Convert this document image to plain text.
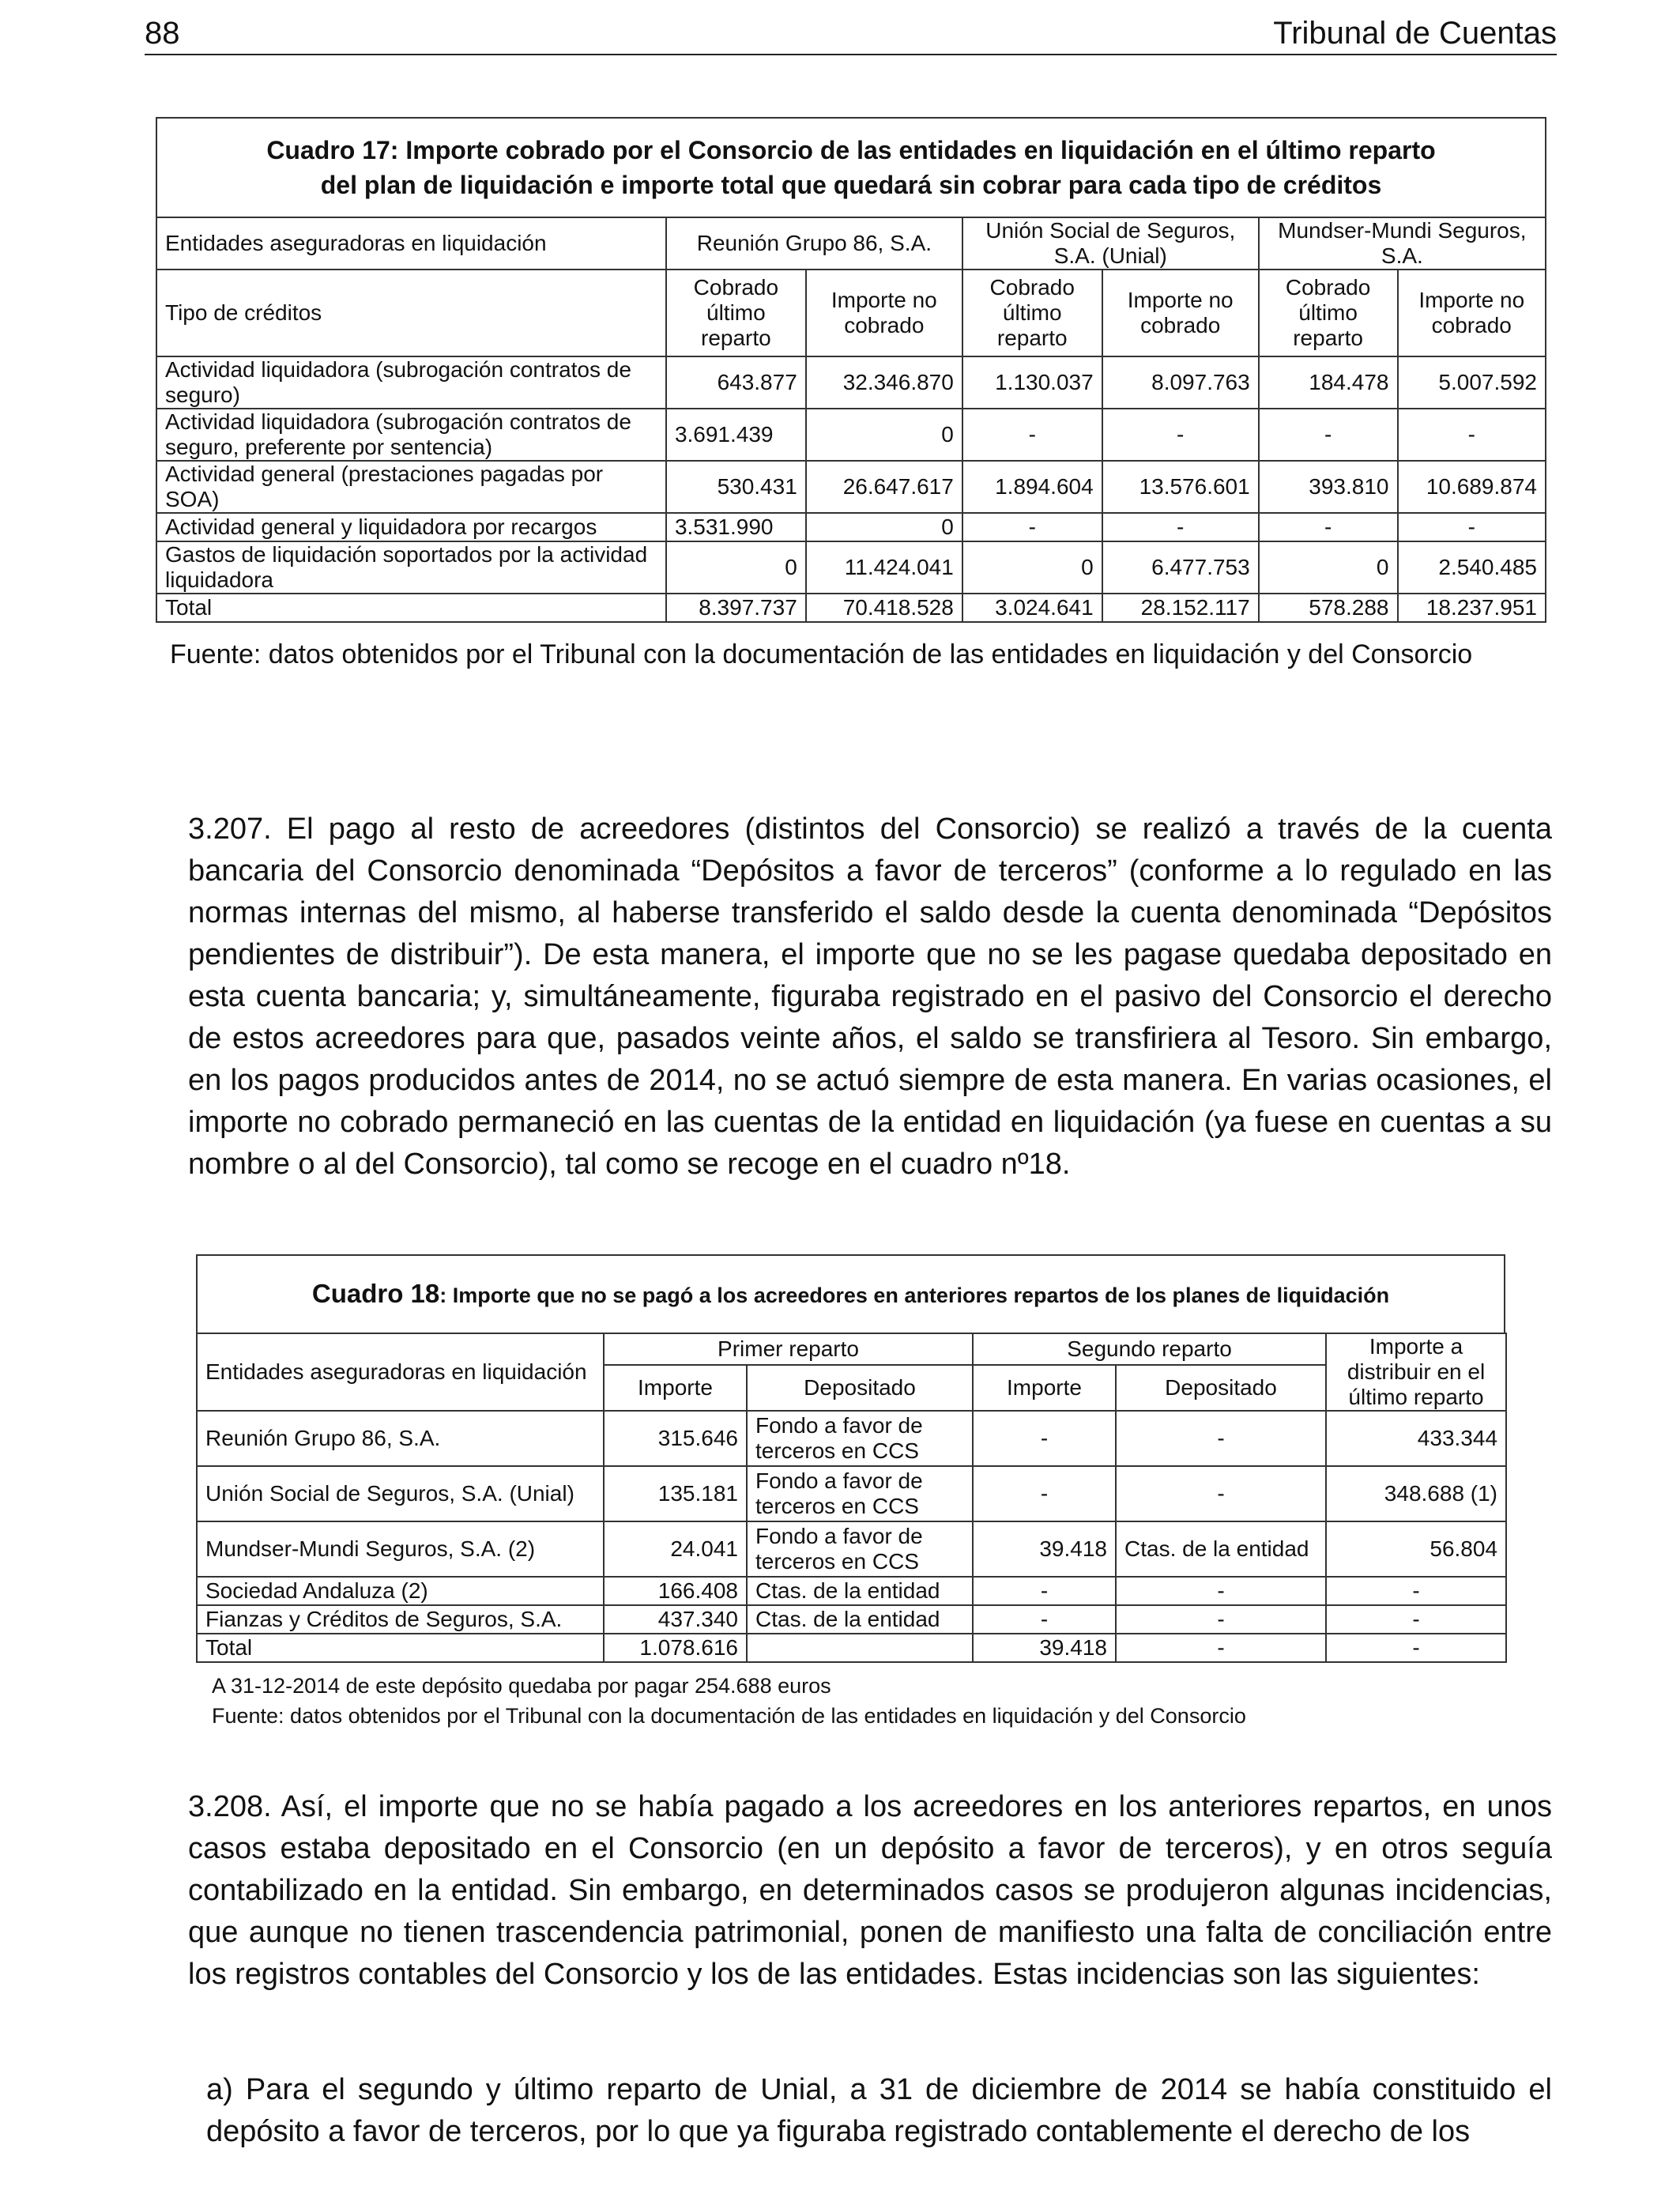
88	Tribunal de Cuentas
Cuadro 17: Importe cobrado por el Consorcio de las entidades en liquidación en el último reparto
del plan de liquidación e importe total que quedará sin cobrar para cada tipo de créditos
Entidades aseguradoras en liquidación	Reunión Grupo 86, S.A.		Unión Social de Seguros, S.A. (Unial)		Mundser-Mundi Seguros, S.A.	
Tipo de créditos	Cobrado último reparto	Importe no cobrado	Cobrado último reparto	Importe no cobrado	Cobrado último reparto	Importe no cobrado
Actividad liquidadora (subrogación contratos de seguro)	643.877	32.346.870	1.130.037	8.097.763	184.478	5.007.592
Actividad liquidadora (subrogación contratos de seguro, preferente por sentencia)	3.691.439	0	-	-	-	-
Actividad general (prestaciones pagadas por SOA)	530.431	26.647.617	1.894.604	13.576.601	393.810	10.689.874
Actividad general y liquidadora por recargos	3.531.990	0	-	-	-	-
Gastos de liquidación soportados por la actividad liquidadora	0	11.424.041	0	6.477.753	0	2.540.485
Total	8.397.737	70.418.528	3.024.641	28.152.117	578.288	18.237.951
Fuente: datos obtenidos por el Tribunal con la documentación de las entidades en liquidación y del Consorcio

3.207. El pago al resto de acreedores (distintos del Consorcio) se realizó a través de la cuenta bancaria del Consorcio denominada “Depósitos a favor de terceros” (conforme a lo regulado en las normas internas del mismo, al haberse transferido el saldo desde la cuenta denominada “Depósitos pendientes de distribuir”). De esta manera, el importe que no se les pagase quedaba depositado en esta cuenta bancaria; y, simultáneamente, figuraba registrado en el pasivo del Consorcio el derecho de estos acreedores para que, pasados veinte años, el saldo se transfiriera al Tesoro. Sin embargo, en los pagos producidos antes de 2014, no se actuó siempre de esta manera. En varias ocasiones, el importe no cobrado permaneció en las cuentas de la entidad en liquidación (ya fuese en cuentas a su nombre o al del Consorcio), tal como se recoge en el cuadro nº18.

Cuadro 18: Importe que no se pagó a los acreedores en anteriores repartos de los planes de liquidación
Entidades aseguradoras en liquidación	Primer reparto		Segundo reparto		Importe a distribuir en el último reparto
	Importe	Depositado	Importe	Depositado	
Reunión Grupo 86, S.A.	315.646	Fondo a favor de terceros en CCS	-	-	433.344
Unión Social de Seguros, S.A. (Unial)	135.181	Fondo a favor de terceros en CCS	-	-	348.688 (1)
Mundser-Mundi Seguros, S.A. (2)	24.041	Fondo a favor de terceros en CCS	39.418	Ctas. de la entidad	56.804
Sociedad Andaluza (2)	166.408	Ctas. de la entidad	-	-	-
Fianzas y Créditos de Seguros, S.A.	437.340	Ctas. de la entidad	-	-	-
Total	1.078.616		39.418	-	-
A 31-12-2014 de este depósito quedaba por pagar 254.688 euros
Fuente: datos obtenidos por el Tribunal con la documentación de las entidades en liquidación y del Consorcio

3.208. Así, el importe que no se había pagado a los acreedores en los anteriores repartos, en unos casos estaba depositado en el Consorcio (en un depósito a favor de terceros), y en otros seguía contabilizado en la entidad. Sin embargo, en determinados casos se produjeron algunas incidencias, que aunque no tienen trascendencia patrimonial, ponen de manifiesto una falta de conciliación entre los registros contables del Consorcio y los de las entidades. Estas incidencias son las siguientes:

a) Para el segundo y último reparto de Unial, a 31 de diciembre de 2014 se había constituido el depósito a favor de terceros, por lo que ya figuraba registrado contablemente el derecho de los
